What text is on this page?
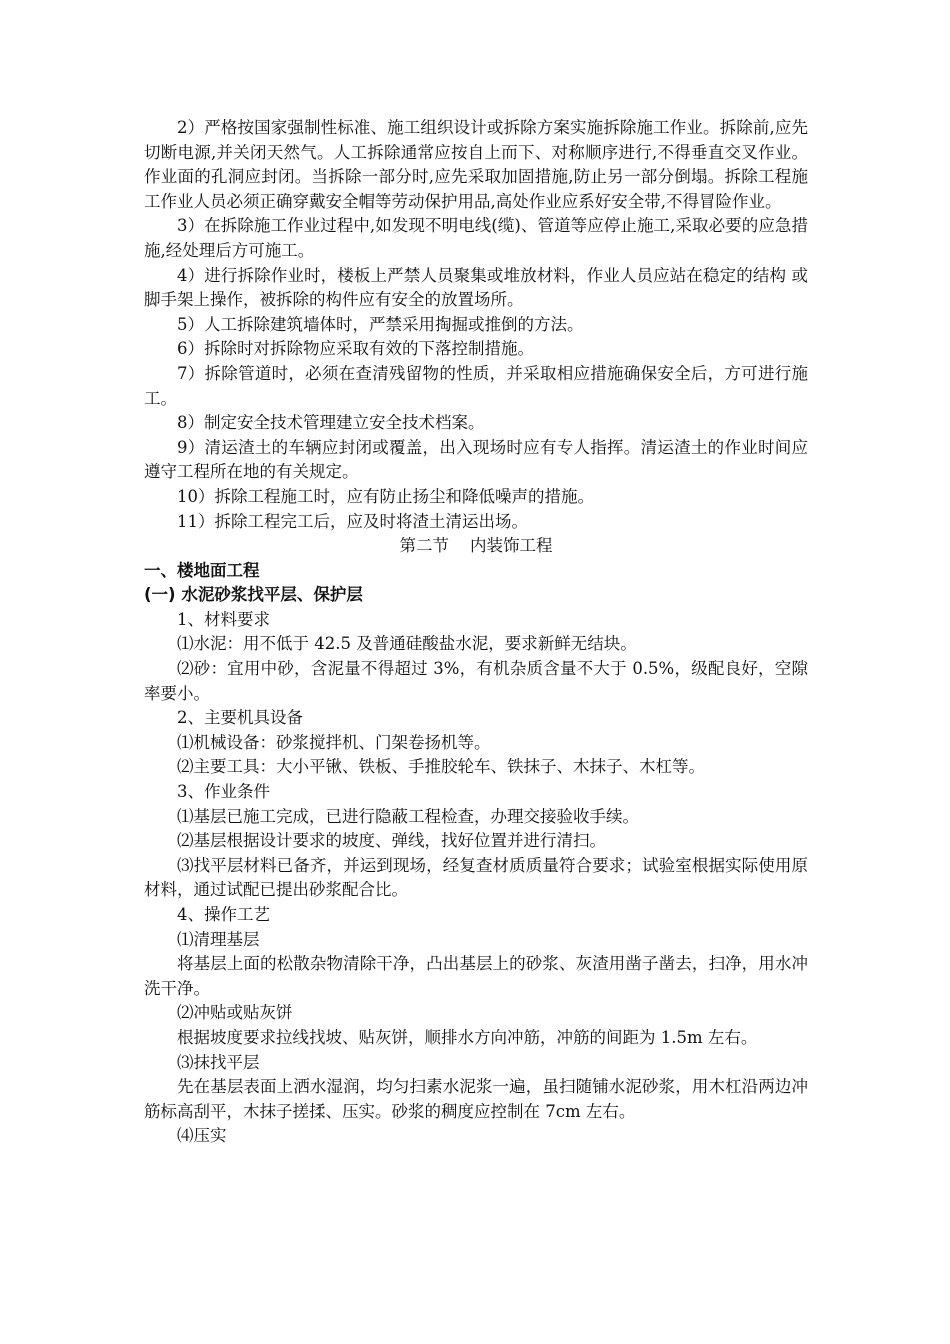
2）严格按国家强制性标准、施工组织设计或拆除方案实施拆除施工作业。拆除前,应先切断电源,并关闭天然气。人工拆除通常应按自上而下、对称顺序进行,不得垂直交叉作业。作业面的孔洞应封闭。当拆除一部分时,应先采取加固措施,防止另一部分倒塌。拆除工程施工作业人员必须正确穿戴安全帽等劳动保护用品,高处作业应系好安全带,不得冒险作业。

3）在拆除施工作业过程中,如发现不明电线(缆)、管道等应停止施工,采取必要的应急措施,经处理后方可施工。

4）进行拆除作业时，楼板上严禁人员聚集或堆放材料，作业人员应站在稳定的结构 或脚手架上操作，被拆除的构件应有安全的放置场所。

5）人工拆除建筑墙体时，严禁采用掏掘或推倒的方法。

6）拆除时对拆除物应采取有效的下落控制措施。

7）拆除管道时，必须在查清残留物的性质，并采取相应措施确保安全后，方可进行施工。

8）制定安全技术管理建立安全技术档案。

9）清运渣土的车辆应封闭或覆盖，出入现场时应有专人指挥。清运渣土的作业时间应遵守工程所在地的有关规定。

10）拆除工程施工时，应有防止扬尘和降低噪声的措施。

11）拆除工程完工后，应及时将渣土清运出场。

第二节    内装饰工程

一、楼地面工程

(一) 水泥砂浆找平层、保护层

1、材料要求

⑴水泥：用不低于 42.5 及普通硅酸盐水泥，要求新鲜无结块。

⑵砂：宜用中砂，含泥量不得超过 3%，有机杂质含量不大于 0.5%，级配良好，空隙率要小。

2、主要机具设备

⑴机械设备：砂浆搅拌机、门架卷扬机等。

⑵主要工具：大小平锹、铁板、手推胶轮车、铁抹子、木抹子、木杠等。

3、作业条件

⑴基层已施工完成，已进行隐蔽工程检查，办理交接验收手续。

⑵基层根据设计要求的坡度、弹线，找好位置并进行清扫。

⑶找平层材料已备齐，并运到现场，经复查材质质量符合要求；试验室根据实际使用原材料，通过试配已提出砂浆配合比。

4、操作工艺

⑴清理基层

将基层上面的松散杂物清除干净，凸出基层上的砂浆、灰渣用凿子凿去，扫净，用水冲洗干净。

⑵冲贴或贴灰饼

根据坡度要求拉线找坡、贴灰饼，顺排水方向冲筋，冲筋的间距为 1.5m 左右。

⑶抹找平层

先在基层表面上洒水湿润，均匀扫素水泥浆一遍，虽扫随铺水泥砂浆，用木杠沿两边冲筋标高刮平，木抹子搓揉、压实。砂浆的稠度应控制在 7cm 左右。

⑷压实
